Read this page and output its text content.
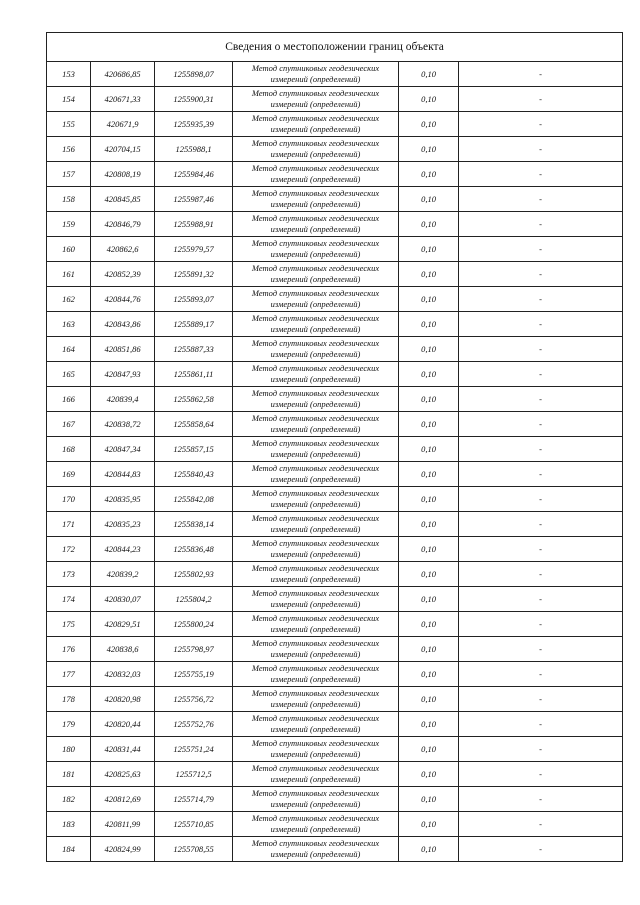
Сведения о местоположении границ объекта					
153	420686,85	1255898,07	Метод спутниковых геодезических
измерений (определений)	0,10	-
154	420671,33	1255900,31	Метод спутниковых геодезических
измерений (определений)	0,10	-
155	420671,9	1255935,39	Метод спутниковых геодезических
измерений (определений)	0,10	-
156	420704,15	1255988,1	Метод спутниковых геодезических
измерений (определений)	0,10	-
157	420808,19	1255984,46	Метод спутниковых геодезических
измерений (определений)	0,10	-
158	420845,85	1255987,46	Метод спутниковых геодезических
измерений (определений)	0,10	-
159	420846,79	1255988,91	Метод спутниковых геодезических
измерений (определений)	0,10	-
160	420862,6	1255979,57	Метод спутниковых геодезических
измерений (определений)	0,10	-
161	420852,39	1255891,32	Метод спутниковых геодезических
измерений (определений)	0,10	-
162	420844,76	1255893,07	Метод спутниковых геодезических
измерений (определений)	0,10	-
163	420843,86	1255889,17	Метод спутниковых геодезических
измерений (определений)	0,10	-
164	420851,86	1255887,33	Метод спутниковых геодезических
измерений (определений)	0,10	-
165	420847,93	1255861,11	Метод спутниковых геодезических
измерений (определений)	0,10	-
166	420839,4	1255862,58	Метод спутниковых геодезических
измерений (определений)	0,10	-
167	420838,72	1255858,64	Метод спутниковых геодезических
измерений (определений)	0,10	-
168	420847,34	1255857,15	Метод спутниковых геодезических
измерений (определений)	0,10	-
169	420844,83	1255840,43	Метод спутниковых геодезических
измерений (определений)	0,10	-
170	420835,95	1255842,08	Метод спутниковых геодезических
измерений (определений)	0,10	-
171	420835,23	1255838,14	Метод спутниковых геодезических
измерений (определений)	0,10	-
172	420844,23	1255836,48	Метод спутниковых геодезических
измерений (определений)	0,10	-
173	420839,2	1255802,93	Метод спутниковых геодезических
измерений (определений)	0,10	-
174	420830,07	1255804,2	Метод спутниковых геодезических
измерений (определений)	0,10	-
175	420829,51	1255800,24	Метод спутниковых геодезических
измерений (определений)	0,10	-
176	420838,6	1255798,97	Метод спутниковых геодезических
измерений (определений)	0,10	-
177	420832,03	1255755,19	Метод спутниковых геодезических
измерений (определений)	0,10	-
178	420820,98	1255756,72	Метод спутниковых геодезических
измерений (определений)	0,10	-
179	420820,44	1255752,76	Метод спутниковых геодезических
измерений (определений)	0,10	-
180	420831,44	1255751,24	Метод спутниковых геодезических
измерений (определений)	0,10	-
181	420825,63	1255712,5	Метод спутниковых геодезических
измерений (определений)	0,10	-
182	420812,69	1255714,79	Метод спутниковых геодезических
измерений (определений)	0,10	-
183	420811,99	1255710,85	Метод спутниковых геодезических
измерений (определений)	0,10	-
184	420824,99	1255708,55	Метод спутниковых геодезических
измерений (определений)	0,10	-
